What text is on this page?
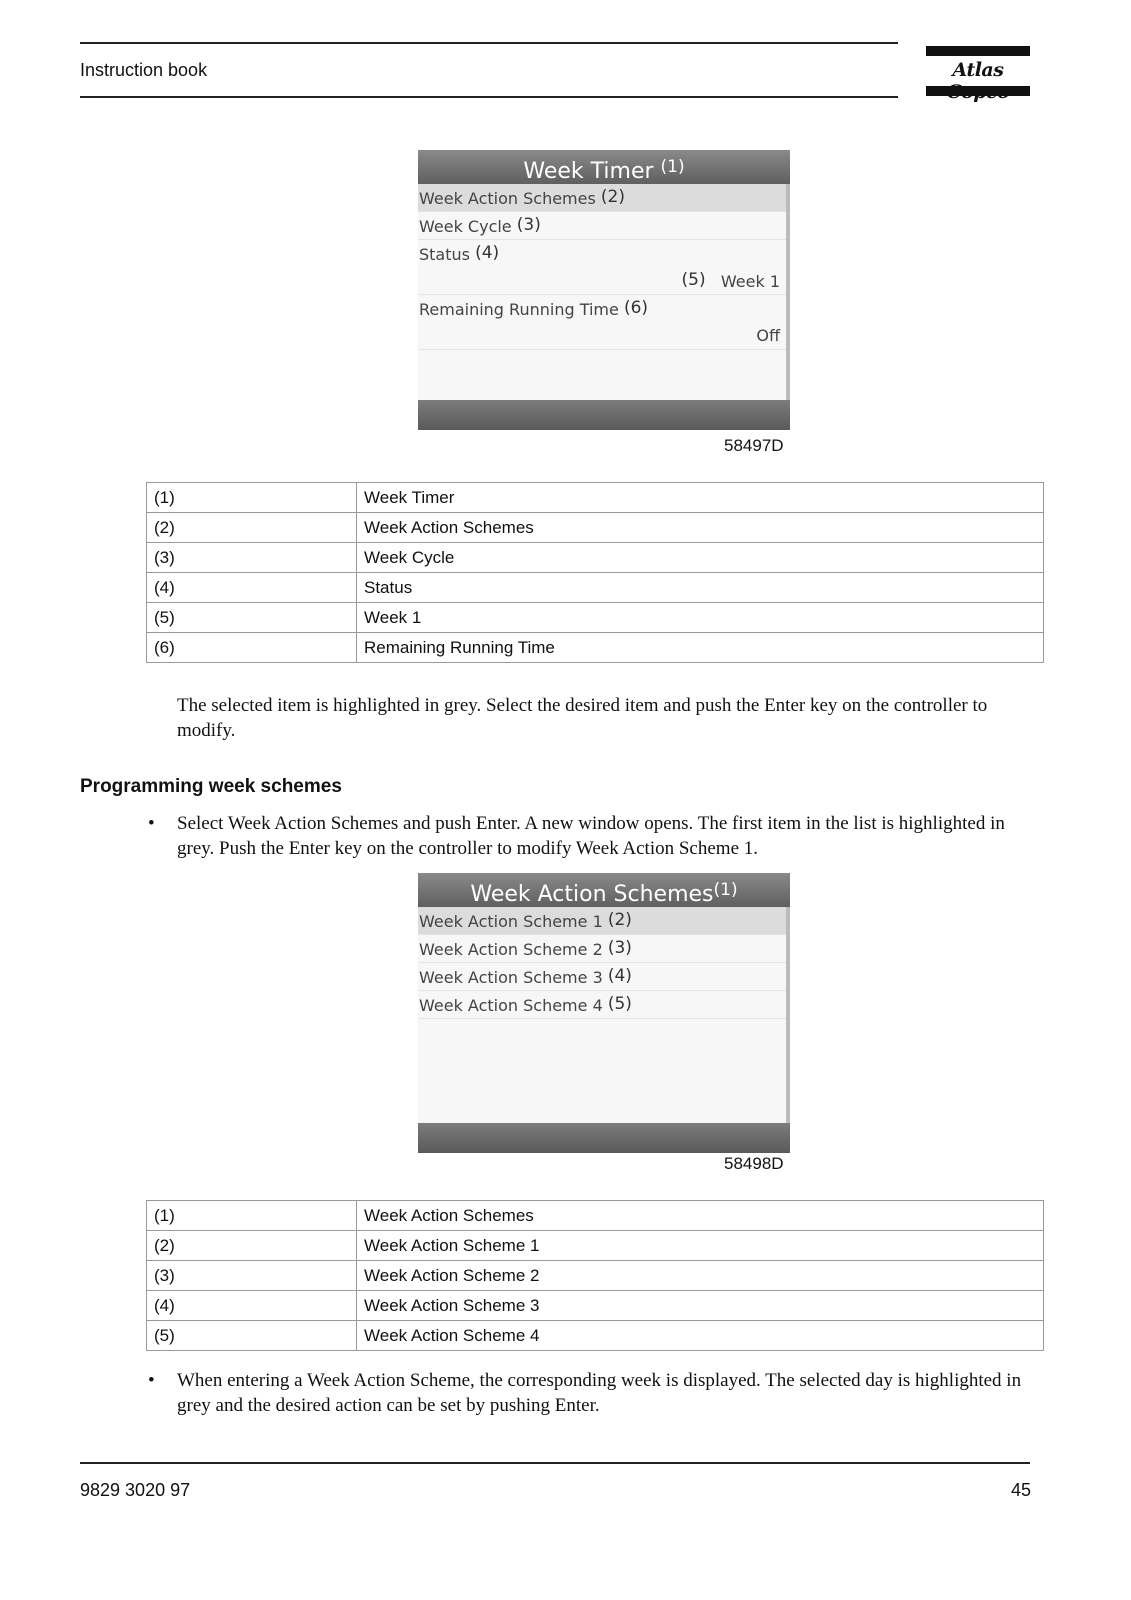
Instruction book	Atlas
Week Timer $^{(1)}$
Week Action Schemes (2)
Week Cycle (3)
Status (4)
(5) Week 1
Remaining Running Time (6)
Off
58497D
(1)	Week Timer
(2)	Week Action Schemes
(3)	Week Cycle
(4)	Status
(5)	Week 1
(6)	Remaining Running Time
The selected item is highlighted in grey. Select the desired item and push the Enter key on the controller to modify.
Programming week schemes
• Select Week Action Schemes and push Enter. A new window opens. The first item in the list is highlighted in grey. Push the Enter key on the controller to modify Week Action Scheme 1.
Week Action Schemes$^{(1)}$
Week Action Scheme 1 (2)
Week Action Scheme 2 (3)
Week Action Scheme 3 (4)
Week Action Scheme 4 (5)
58498D
(1)	Week Action Schemes
(2)	Week Action Scheme 1
(3)	Week Action Scheme 2
(4)	Week Action Scheme 3
(5)	Week Action Scheme 4
• When entering a Week Action Scheme, the corresponding week is displayed. The selected day is highlighted in grey and the desired action can be set by pushing Enter.
9829 3020 97	45
